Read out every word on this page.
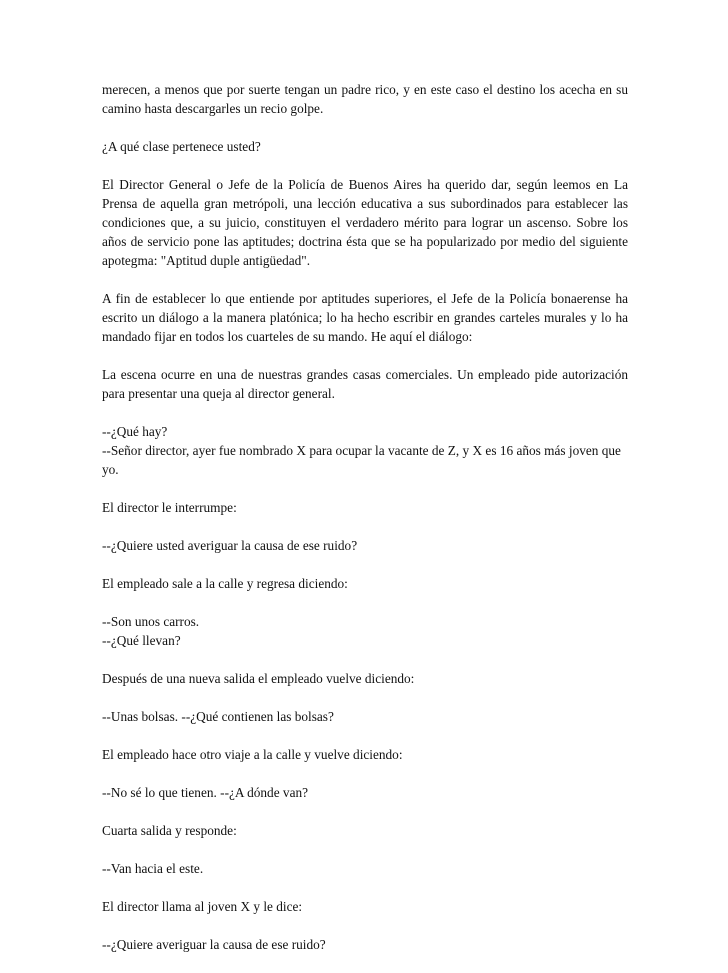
merecen, a menos que por suerte tengan un padre rico, y en este caso el destino los acecha en su camino hasta descargarles un recio golpe.

¿A qué clase pertenece usted?

El Director General o Jefe de la Policía de Buenos Aires ha querido dar, según leemos en La Prensa de aquella gran metrópoli, una lección educativa a sus subordinados para establecer las condiciones que, a su juicio, constituyen el verdadero mérito para lograr un ascenso. Sobre los años de servicio pone las aptitudes; doctrina ésta que se ha popularizado por medio del siguiente apotegma: "Aptitud duple antigüedad".

A fin de establecer lo que entiende por aptitudes superiores, el Jefe de la Policía bonaerense ha escrito un diálogo a la manera platónica; lo ha hecho escribir en grandes carteles murales y lo ha mandado fijar en todos los cuarteles de su mando. He aquí el diálogo:

La escena ocurre en una de nuestras grandes casas comerciales. Un empleado pide autorización para presentar una queja al director general.

--¿Qué hay?
--Señor director, ayer fue nombrado X para ocupar la vacante de Z, y X es 16 años más joven que yo.

El director le interrumpe:

--¿Quiere usted averiguar la causa de ese ruido?

El empleado sale a la calle y regresa diciendo:

--Son unos carros.
--¿Qué llevan?

Después de una nueva salida el empleado vuelve diciendo:

--Unas bolsas. --¿Qué contienen las bolsas?

El empleado hace otro viaje a la calle y vuelve diciendo:

--No sé lo que tienen. --¿A dónde van?

Cuarta salida y responde:

--Van hacia el este.

El director llama al joven X y le dice:

--¿Quiere averiguar la causa de ese ruido?
